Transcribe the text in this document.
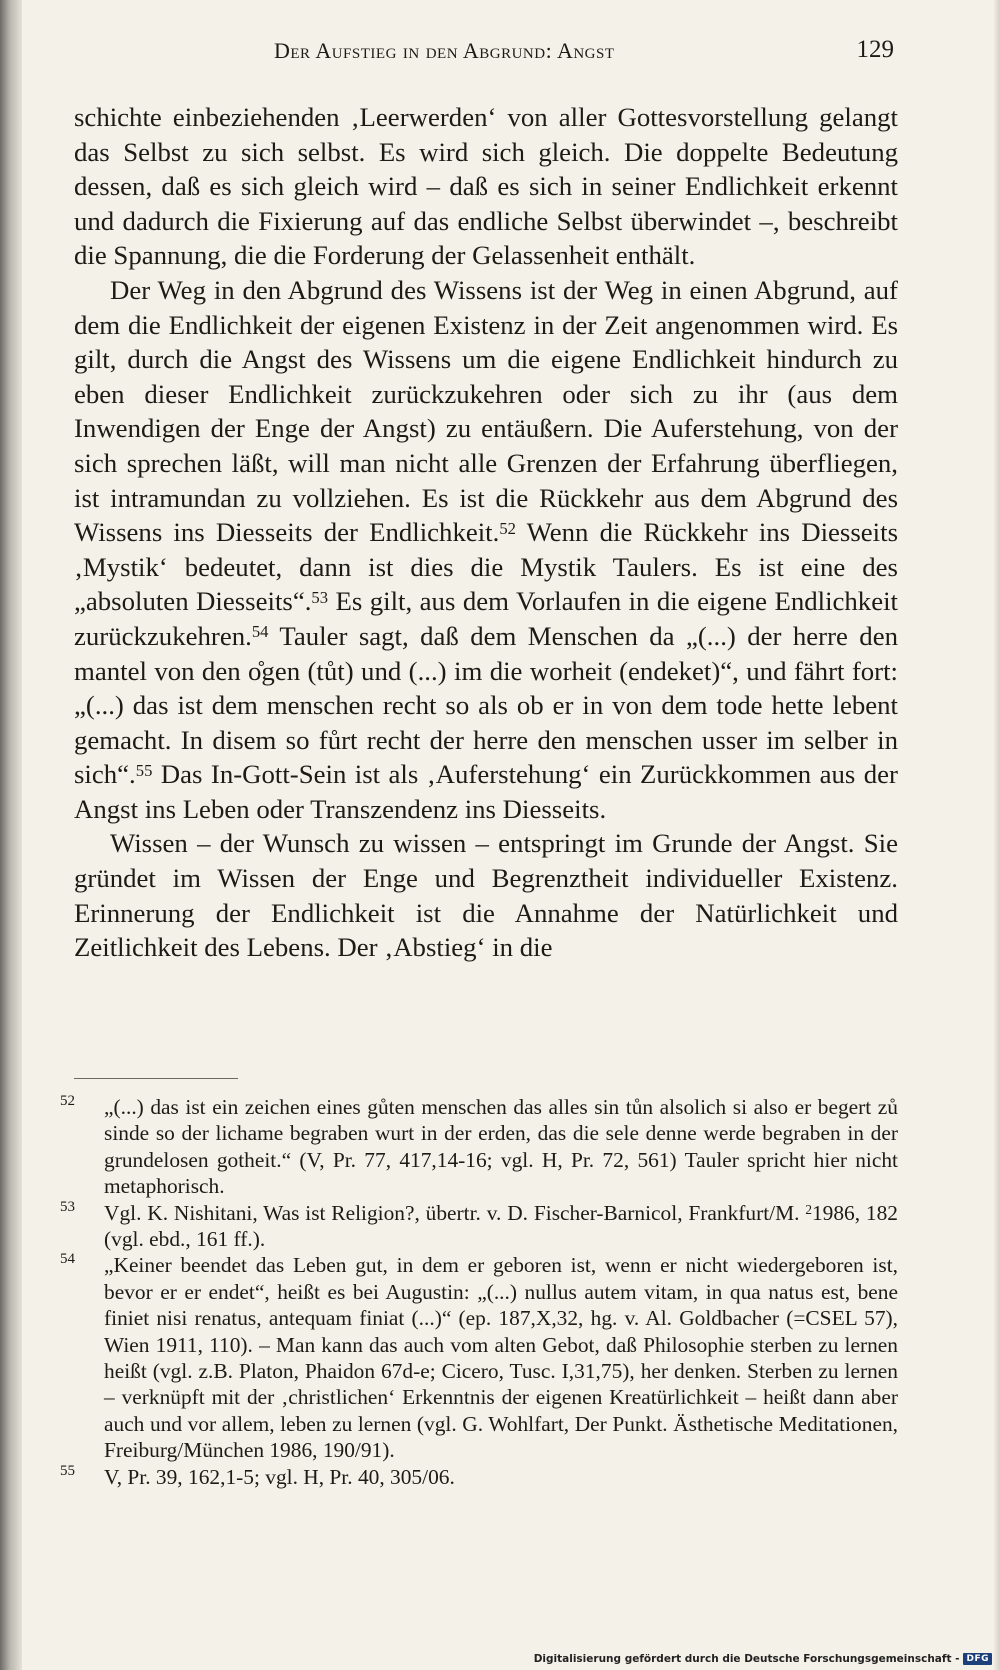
Der Aufstieg in den Abgrund: Angst	129

schichte einbeziehenden ‚Leerwerden‘ von aller Gottesvorstellung gelangt das Selbst zu sich selbst. Es wird sich gleich. Die doppelte Bedeutung dessen, daß es sich gleich wird – daß es sich in seiner Endlichkeit erkennt und dadurch die Fixierung auf das endliche Selbst überwindet –, beschreibt die Spannung, die die Forderung der Gelassenheit enthält.

Der Weg in den Abgrund des Wissens ist der Weg in einen Abgrund, auf dem die Endlichkeit der eigenen Existenz in der Zeit angenommen wird. Es gilt, durch die Angst des Wissens um die eigene Endlichkeit hindurch zu eben dieser Endlichkeit zurückzukehren oder sich zu ihr (aus dem Inwendigen der Enge der Angst) zu entäußern. Die Auferstehung, von der sich sprechen läßt, will man nicht alle Grenzen der Erfahrung überfliegen, ist intramundan zu vollziehen. Es ist die Rückkehr aus dem Abgrund des Wissens ins Diesseits der Endlichkeit.$^{52}$ Wenn die Rückkehr ins Diesseits ‚Mystik‘ bedeutet, dann ist dies die Mystik Taulers. Es ist eine des „absoluten Diesseits“.$^{53}$ Es gilt, aus dem Vorlaufen in die eigene Endlichkeit zurückzukehren.$^{54}$ Tauler sagt, daß dem Menschen da „(...) der herre den mantel von den o̊gen (tůt) und (...) im die worheit (endeket)“, und fährt fort: „(...) das ist dem menschen recht so als ob er in von dem tode hette lebent gemacht. In disem so fůrt recht der herre den menschen usser im selber in sich“.$^{55}$ Das In-Gott-Sein ist als ‚Auferstehung‘ ein Zurückkommen aus der Angst ins Leben oder Transzendenz ins Diesseits.

Wissen – der Wunsch zu wissen – entspringt im Grunde der Angst. Sie gründet im Wissen der Enge und Begrenztheit individueller Existenz. Erinnerung der Endlichkeit ist die Annahme der Natürlichkeit und Zeitlichkeit des Lebens. Der ‚Abstieg‘ in die

52 „(...) das ist ein zeichen eines gůten menschen das alles sin tůn alsolich si also er begert zů sinde so der lichame begraben wurt in der erden, das die sele denne werde begraben in der grundelosen gotheit.“ (V, Pr. 77, 417,14-16; vgl. H, Pr. 72, 561) Tauler spricht hier nicht metaphorisch.

53 Vgl. K. Nishitani, Was ist Religion?, übertr. v. D. Fischer-Barnicol, Frankfurt/M. $^2$1986, 182 (vgl. ebd., 161 ff.).

54 „Keiner beendet das Leben gut, in dem er geboren ist, wenn er nicht wiedergeboren ist, bevor er er endet“, heißt es bei Augustin: „(...) nullus autem vitam, in qua natus est, bene finiet nisi renatus, antequam finiat (...)“ (ep. 187,X,32, hg. v. Al. Goldbacher (=CSEL 57), Wien 1911, 110). – Man kann das auch vom alten Gebot, daß Philosophie sterben zu lernen heißt (vgl. z.B. Platon, Phaidon 67d-e; Cicero, Tusc. I,31,75), her denken. Sterben zu lernen – verknüpft mit der ‚christlichen‘ Erkenntnis der eigenen Kreatürlichkeit – heißt dann aber auch und vor allem, leben zu lernen (vgl. G. Wohlfart, Der Punkt. Ästhetische Meditationen, Freiburg/München 1986, 190/91).

55 V, Pr. 39, 162,1-5; vgl. H, Pr. 40, 305/06.

Digitalisierung gefördert durch die Deutsche Forschungsgemeinschaft - DFG
